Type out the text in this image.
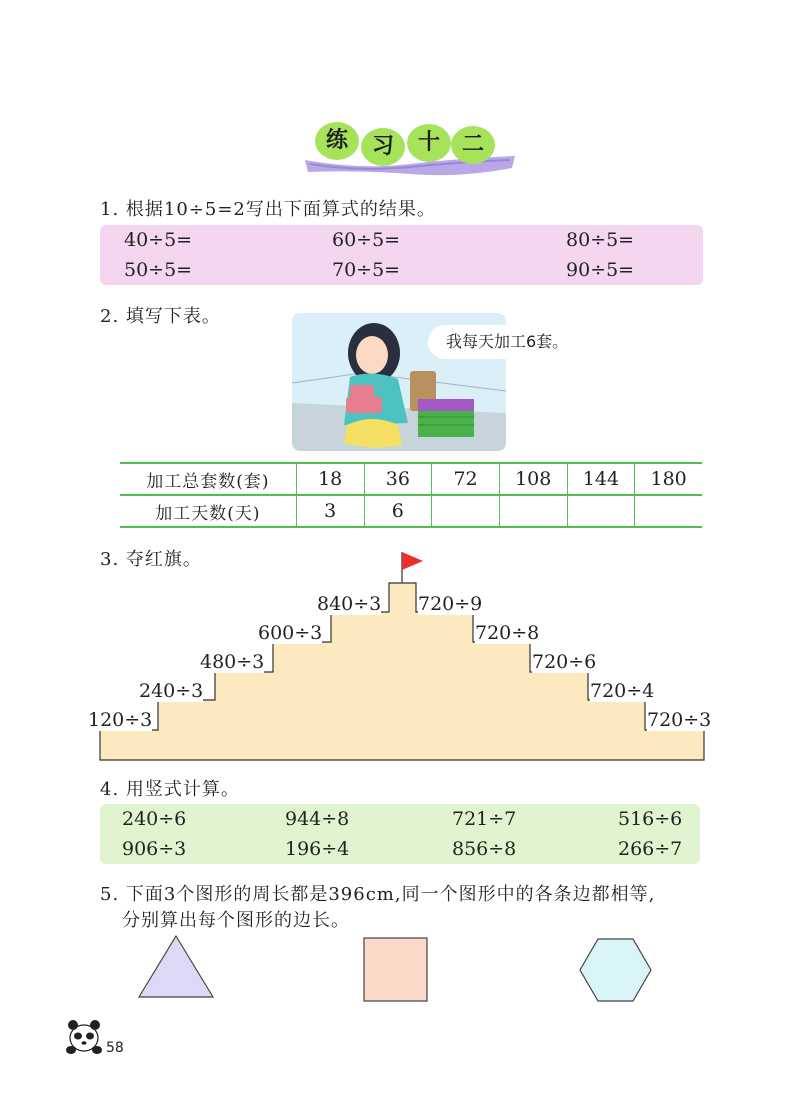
练	习	十 二
1. 根据10÷5=2写出下面算式的结果。
40÷5=	60÷5=	80÷5=
50÷5=	70÷5=	90÷5=
2. 填写下表。
我每天加工6套。
加工总套数(套)	18	36	72	108	144	180
加工天数(天)	3	6				
3. 夺红旗。
120÷3
240÷3
480÷3
600÷3
840÷3 720÷9
720÷8
720÷6
720÷4
720÷3
4. 用竖式计算。
240÷6	944÷8	721÷7	516÷6
906÷3	196÷4	856÷8	266÷7
5. 下面3个图形的周长都是396cm,同一个图形中的各条边都相等,
分别算出每个图形的边长。
58
